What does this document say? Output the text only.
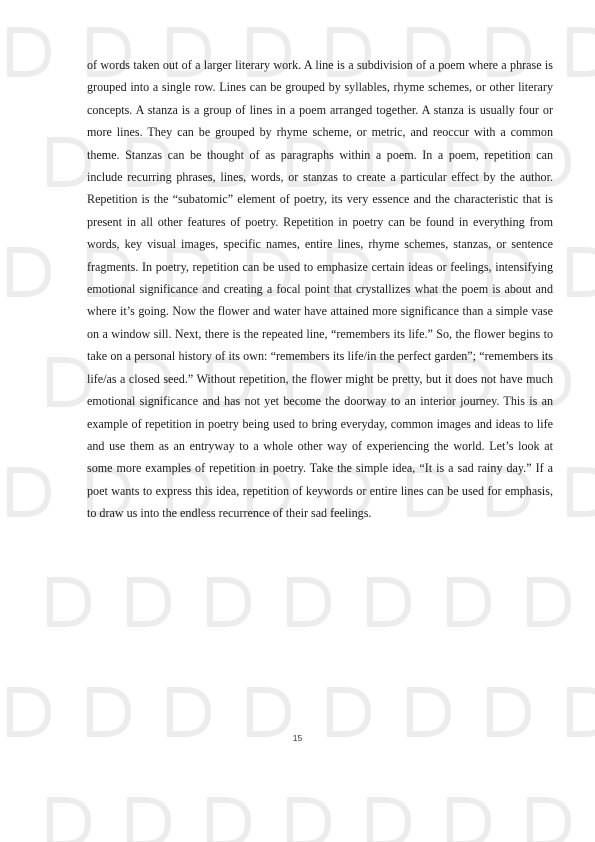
of words taken out of a larger literary work. A line is a subdivision of a poem where a phrase is grouped into a single row. Lines can be grouped by syllables, rhyme schemes, or other literary concepts. A stanza is a group of lines in a poem arranged together. A stanza is usually four or more lines. They can be grouped by rhyme scheme, or metric, and reoccur with a common theme. Stanzas can be thought of as paragraphs within a poem. In a poem, repetition can include recurring phrases, lines, words, or stanzas to create a particular effect by the author. Repetition is the “subatomic” element of poetry, its very essence and the characteristic that is present in all other features of poetry. Repetition in poetry can be found in everything from words, key visual images, specific names, entire lines, rhyme schemes, stanzas, or sentence fragments. In poetry, repetition can be used to emphasize certain ideas or feelings, intensifying emotional significance and creating a focal point that crystallizes what the poem is about and where it’s going. Now the flower and water have attained more significance than a simple vase on a window sill. Next, there is the repeated line, “remembers its life.” So, the flower begins to take on a personal history of its own: “remembers its life/in the perfect garden”; “remembers its life/as a closed seed.” Without repetition, the flower might be pretty, but it does not have much emotional significance and has not yet become the doorway to an interior journey. This is an example of repetition in poetry being used to bring everyday, common images and ideas to life and use them as an entryway to a whole other way of experiencing the world. Let’s look at some more examples of repetition in poetry. Take the simple idea, “It is a sad rainy day.” If a poet wants to express this idea, repetition of keywords or entire lines can be used for emphasis, to draw us into the endless recurrence of their sad feelings.

15
